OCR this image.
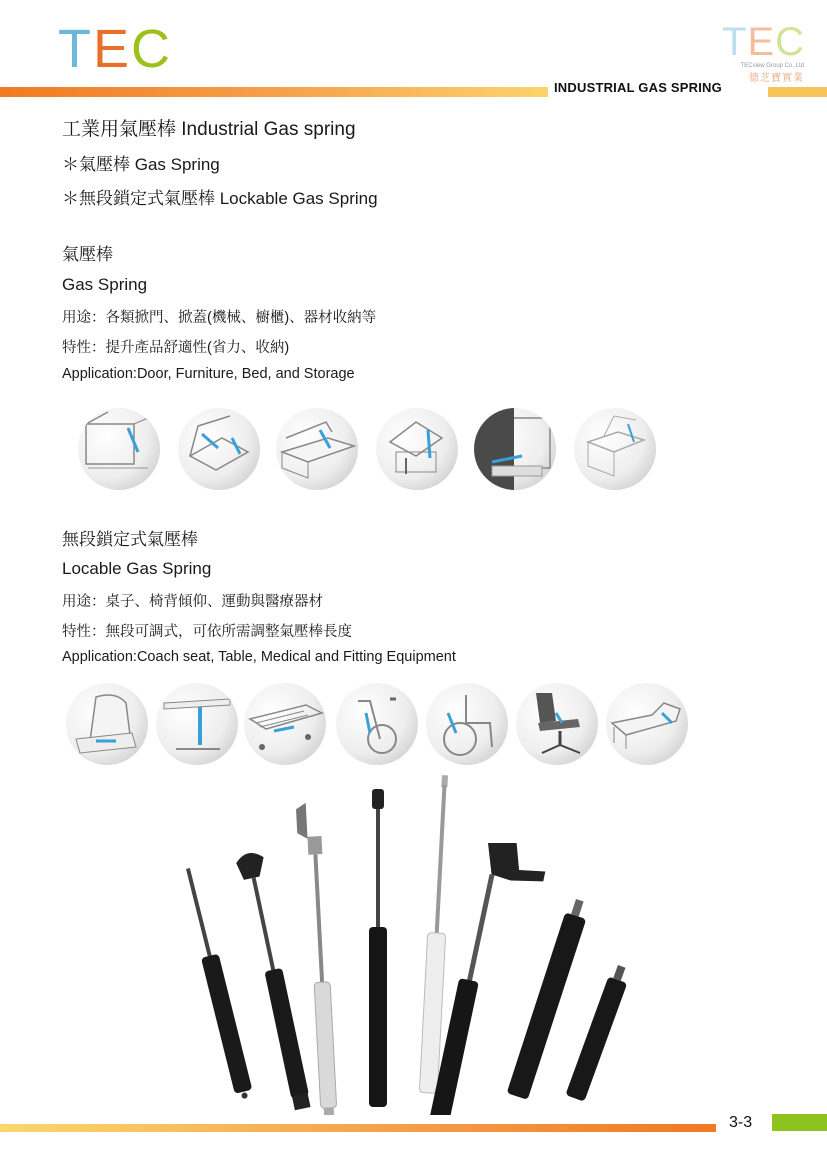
TEC	TEC
TECview Group Co.,Ltd
德芝寶實業
INDUSTRIAL GAS SPRING
工業用氣壓棒 Industrial Gas spring
＊氣壓棒 Gas Spring
＊無段鎖定式氣壓棒 Lockable Gas Spring
氣壓棒
Gas Spring
用途：各類掀門、掀蓋(機械、櫥櫃)、器材收納等
特性：提升產品舒適性(省力、收納)
Application:Door, Furniture, Bed, and Storage
無段鎖定式氣壓棒
Locable Gas Spring
用途：桌子、椅背傾仰、運動與醫療器材
特性：無段可調式，可依所需調整氣壓棒長度
Application:Coach seat, Table, Medical and Fitting Equipment
3-3
